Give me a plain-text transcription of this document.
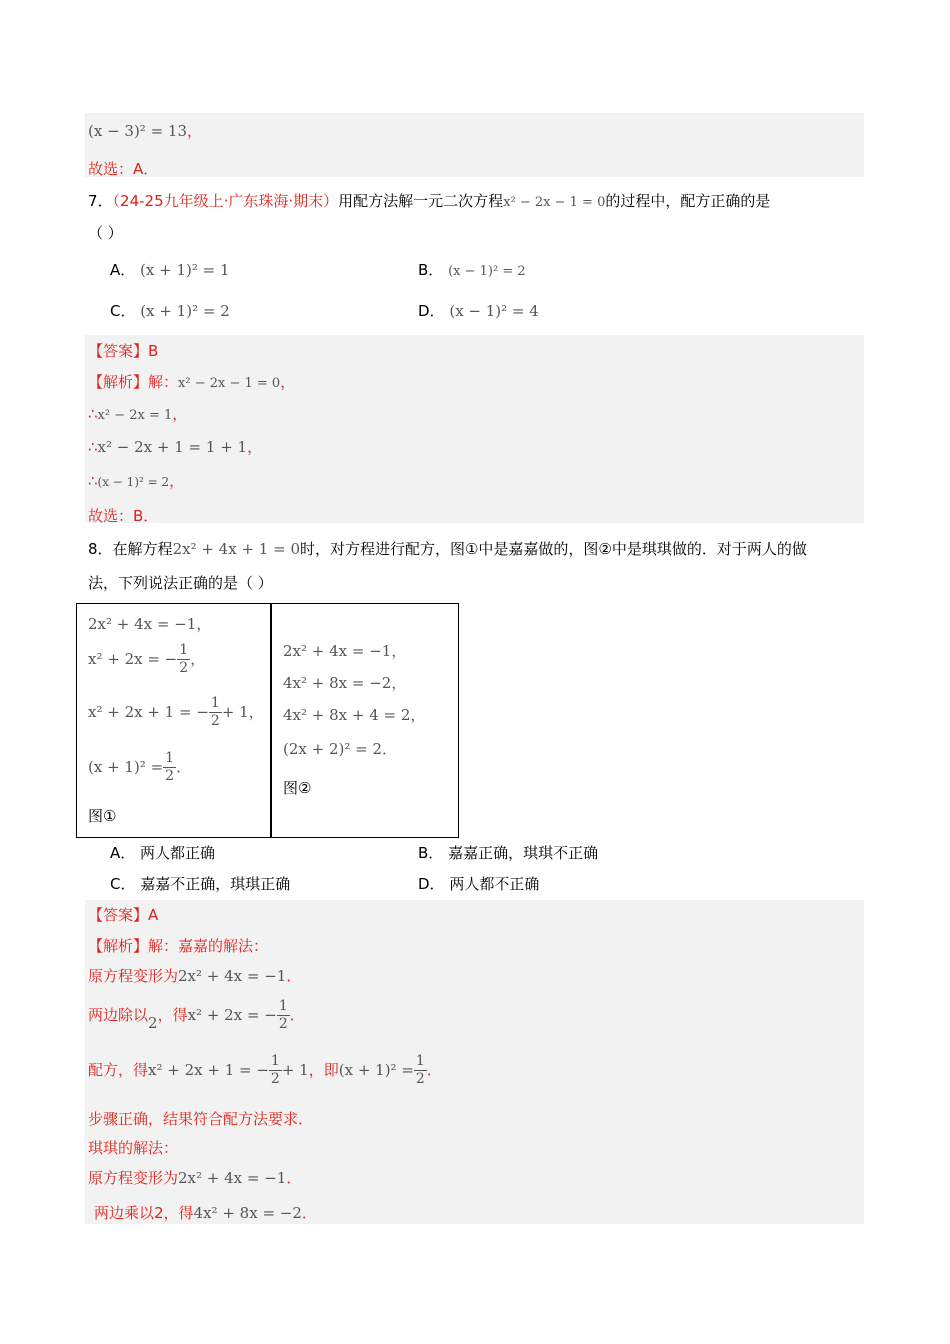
(x − 3)² = 13，
故选：A．
7．（24-25九年级上·广东珠海·期末）用配方法解一元二次方程x² − 2x − 1 = 0的过程中，配方正确的是
（ ）
A． (x + 1)² = 1	B． (x − 1)² = 2
C． (x + 1)² = 2	D． (x − 1)² = 4
【答案】B
【解析】解：x² − 2x − 1 = 0，
∴x² − 2x = 1，
∴x² − 2x + 1 = 1 + 1，
∴(x − 1)² = 2，
故选：B．
8．在解方程2x² + 4x + 1 = 0时，对方程进行配方，图①中是嘉嘉做的，图②中是琪琪做的．对于两人的做
法，下列说法正确的是（ ）
2x² + 4x = −1，
x² + 2x = − $\frac{1}{2}$ ，
x² + 2x + 1 = − $\frac{1}{2} + 1$，
$(x + 1)^2 = \frac{1}{2}$ ．
图①
2x² + 4x = −1，
4x² + 8x = −2，
4x² + 8x + 4 = 2，
(2x + 2)² = 2．
图②
A． 两人都正确	B． 嘉嘉正确，琪琪不正确
C． 嘉嘉不正确，琪琪正确	D． 两人都不正确
【答案】A
【解析】解：嘉嘉的解法：
原方程变形为2x² + 4x = −1．
两边除以2，得x² + 2x = − $\frac{1}{2}$ ．
配方，得x² + 2x + 1 = − $\frac{1}{2} + 1$，即$(x + 1)^2 = \frac{1}{2}$ ．
步骤正确，结果符合配方法要求．
琪琪的解法：
原方程变形为2x² + 4x = −1．
两边乘以2，得4x² + 8x = −2．
